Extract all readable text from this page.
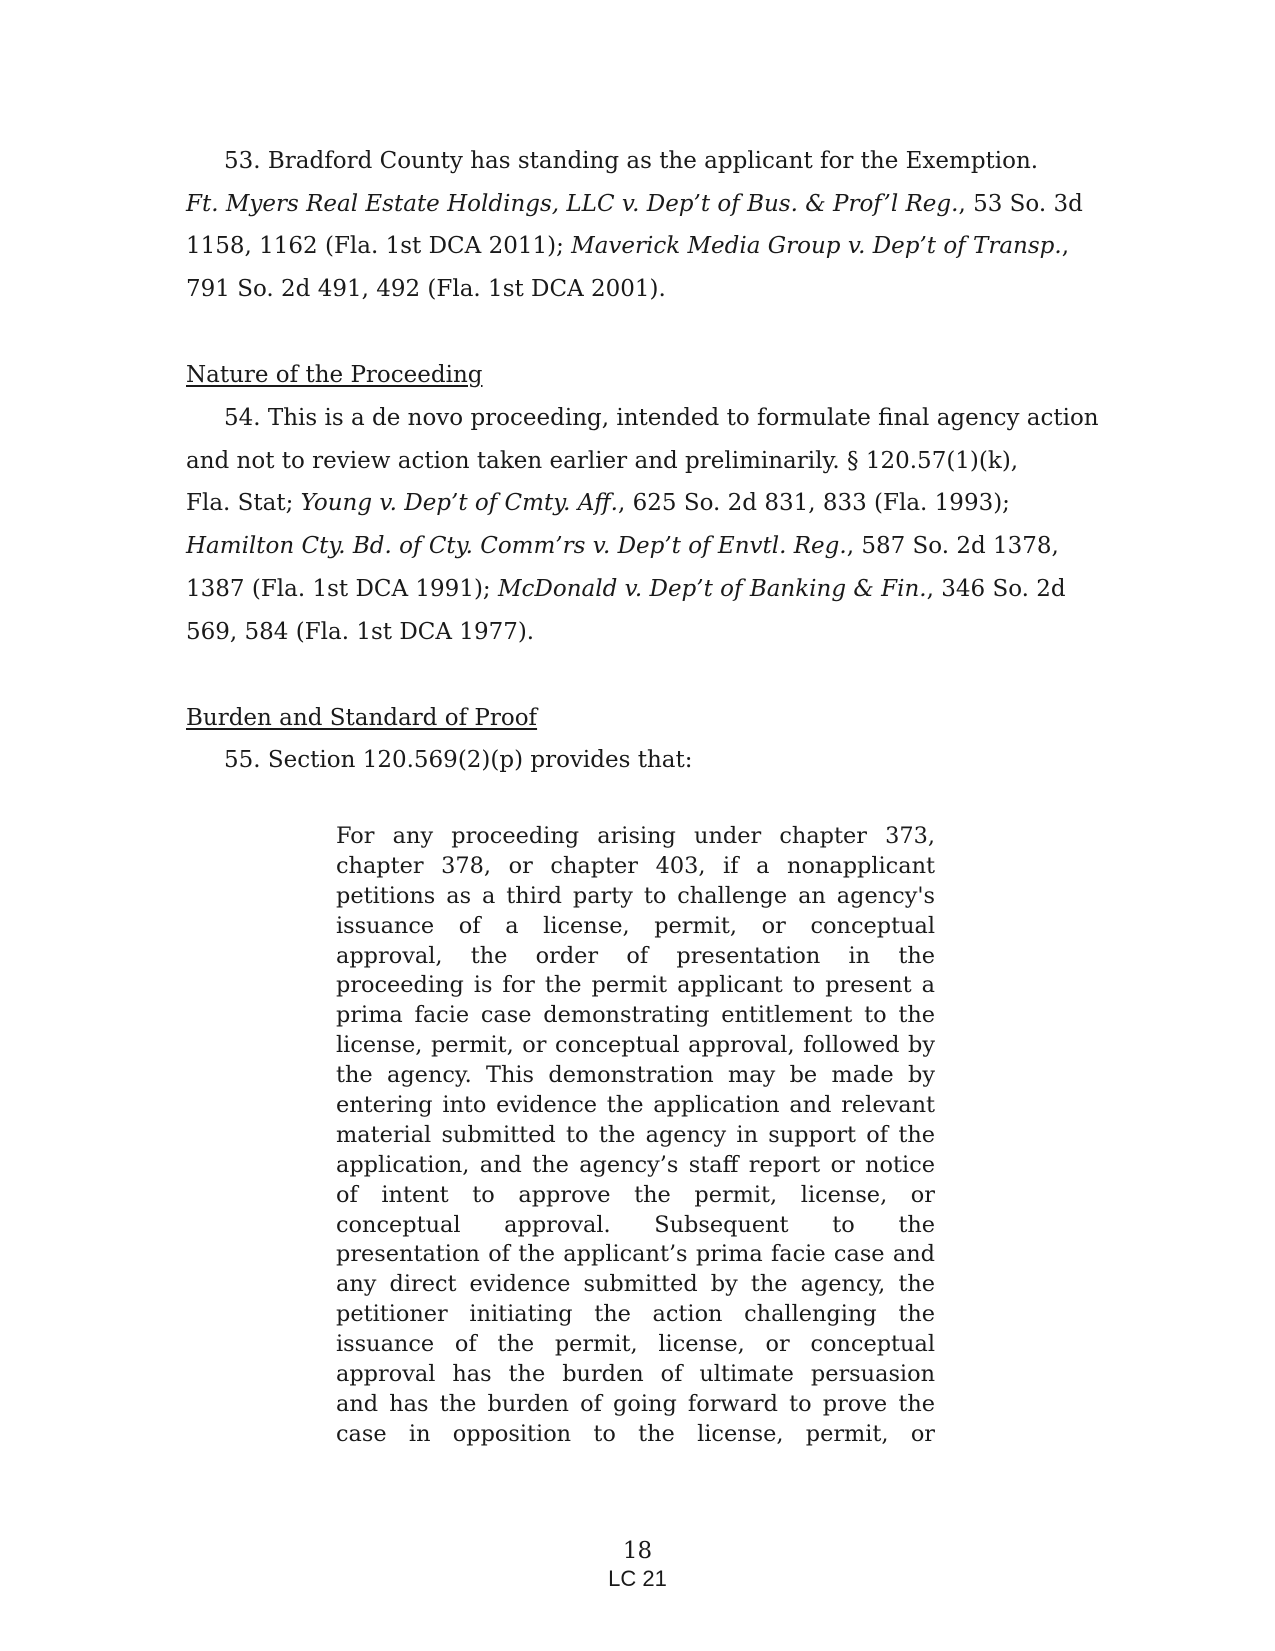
53. Bradford County has standing as the applicant for the Exemption.
Ft. Myers Real Estate Holdings, LLC v. Dep’t of Bus. & Prof’l Reg., 53 So. 3d
1158, 1162 (Fla. 1st DCA 2011); Maverick Media Group v. Dep’t of Transp.,
791 So. 2d 491, 492 (Fla. 1st DCA 2001).
Nature of the Proceeding
54. This is a de novo proceeding, intended to formulate final agency action
and not to review action taken earlier and preliminarily. § 120.57(1)(k),
Fla. Stat; Young v. Dep’t of Cmty. Aff., 625 So. 2d 831, 833 (Fla. 1993);
Hamilton Cty. Bd. of Cty. Comm’rs v. Dep’t of Envtl. Reg., 587 So. 2d 1378,
1387 (Fla. 1st DCA 1991); McDonald v. Dep’t of Banking & Fin., 346 So. 2d
569, 584 (Fla. 1st DCA 1977).
Burden and Standard of Proof
55. Section 120.569(2)(p) provides that:
For any proceeding arising under chapter 373,
chapter 378, or chapter 403, if a nonapplicant
petitions as a third party to challenge an agency's
issuance of a license, permit, or conceptual
approval, the order of presentation in the
proceeding is for the permit applicant to present a
prima facie case demonstrating entitlement to the
license, permit, or conceptual approval, followed by
the agency. This demonstration may be made by
entering into evidence the application and relevant
material submitted to the agency in support of the
application, and the agency’s staff report or notice
of intent to approve the permit, license, or
conceptual approval. Subsequent to the
presentation of the applicant’s prima facie case and
any direct evidence submitted by the agency, the
petitioner initiating the action challenging the
issuance of the permit, license, or conceptual
approval has the burden of ultimate persuasion
and has the burden of going forward to prove the
case in opposition to the license, permit, or
18
LC 21
